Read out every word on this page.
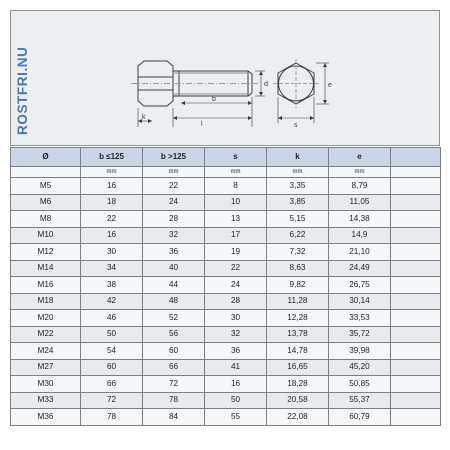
k
b
l
d	e
s
ROSTFRI.NU
Ø	b ≤125	b >125	s	k	e	
	mm	mm	mm	mm	mm	
M5	16	22	8	3,35	8,79	
M6	18	24	10	3,85	11,05	
M8	22	28	13	5,15	14,38	
M10	16	32	17	6,22	14,9	
M12	30	36	19	7,32	21,10	
M14	34	40	22	8,63	24,49	
M16	38	44	24	9,82	26,75	
M18	42	48	28	11,28	30,14	
M20	46	52	30	12,28	33,53	
M22	50	56	32	13,78	35,72	
M24	54	60	36	14,78	39,98	
M27	60	66	41	16,65	45,20	
M30	66	72	16	18,28	50,85	
M33	72	78	50	20,58	55,37	
M36	78	84	55	22,08	60,79	
